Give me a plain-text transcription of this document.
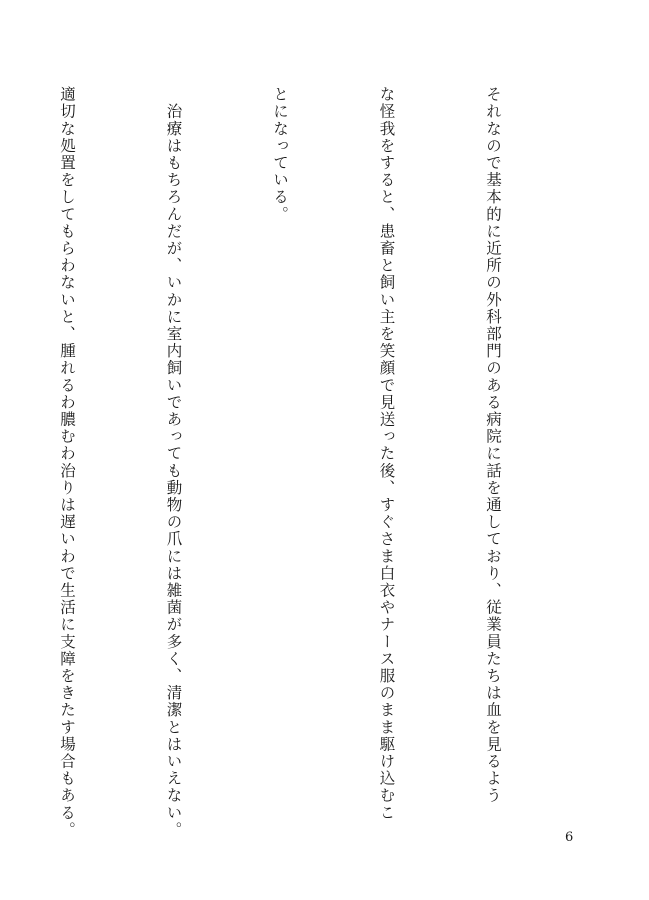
それなので基本的に近所の外科部門のある病院に話を通しており、従業員たちは血を見るよう

な怪我をすると、患畜と飼い主を笑顔で見送った後、すぐさま白衣やナース服のまま駆け込むこ

とになっている。

　治療はもちろんだが、いかに室内飼いであっても動物の爪には雑菌が多く、清潔とはいえない。

適切な処置をしてもらわないと、腫れるわ膿むわ治りは遅いわで生活に支障をきたす場合もある。

	6
